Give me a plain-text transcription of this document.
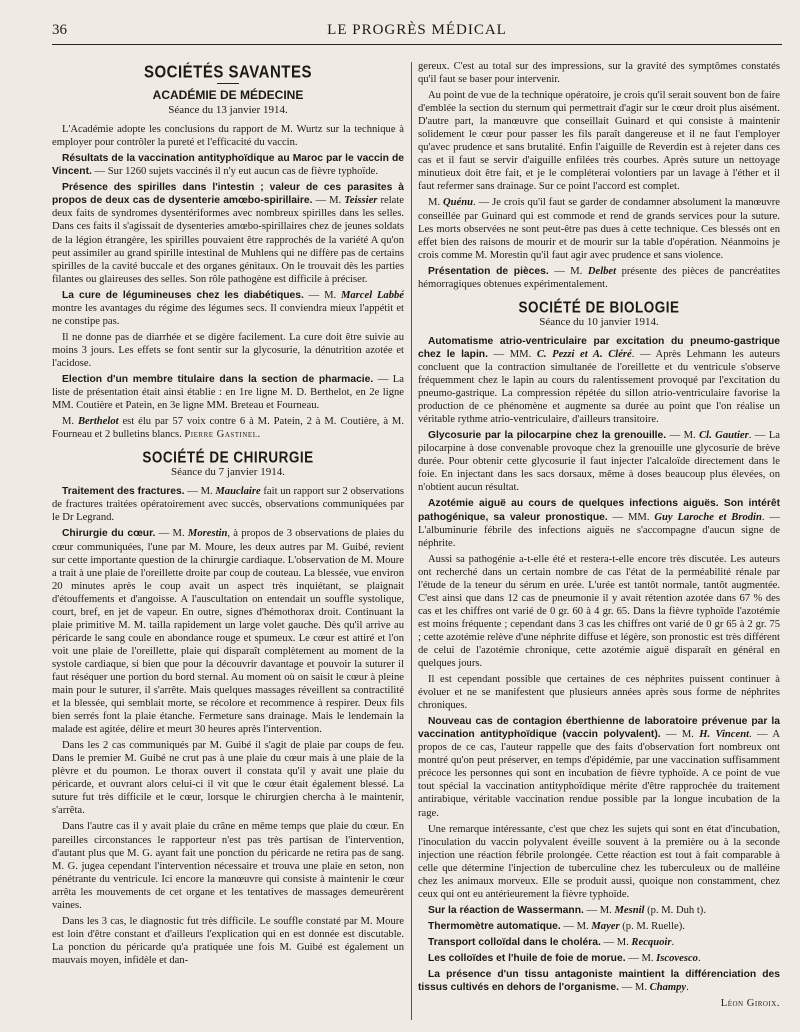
36	LE PROGRÈS MÉDICAL
SOCIÉTÉS SAVANTES
ACADÉMIE DE MÉDECINE
Séance du 13 janvier 1914.

L'Académie adopte les conclusions du rapport de M. Wurtz sur la technique à employer pour contrôler la pureté et l'efficacité du vaccin.

Résultats de la vaccination antityphoïdique au Maroc par le vaccin de Vincent. — Sur 1260 sujets vaccinés il n'y eut aucun cas de fièvre typhoïde.

Présence des spirilles dans l'intestin ; valeur de ces parasites à propos de deux cas de dysenterie amœbo-spirillaire. — M. Teissier relate deux faits de syndromes dysentériformes avec nombreux spirilles dans les selles. Dans ces faits il s'agissait de dysenteries amœbo-spirillaires chez de jeunes soldats de la légion étrangère, les spirilles pouvaient être rapprochés de la variété A qu'on peut assimiler au grand spirille intestinal de Muhlens qui ne diffère pas de certains spirilles de la cavité buccale et des organes génitaux. On le trouvait dès les parties filantes ou glaireuses des selles. Son rôle pathogène est difficile à préciser.

La cure de légumineuses chez les diabétiques. — M. Marcel Labbé montre les avantages du régime des légumes secs. Il conviendra mieux l'appétit et ne constipe pas.

Il ne donne pas de diarrhée et se digère facilement. La cure doit être suivie au moins 3 jours. Les effets se font sentir sur la glycosurie, la dénutrition azotée et l'acidose.

Election d'un membre titulaire dans la section de pharmacie. — La liste de présentation était ainsi établie : en 1re ligne M. D. Berthelot, en 2e ligne MM. Coutière et Patein, en 3e ligne MM. Breteau et Fourneau.

M. Berthelot est élu par 57 voix contre 6 à M. Patein, 2 à M. Coutière, à M. Fourneau et 2 bulletins blancs. Pierre Gastinel.

SOCIÉTÉ DE CHIRURGIE
Séance du 7 janvier 1914.

Traitement des fractures. — M. Mauclaire fait un rapport sur 2 observations de fractures traitées opératoirement avec succès, observations communiquées par le Dr Legrand.

Chirurgie du cœur. — M. Morestin, à propos de 3 observations de plaies du cœur communiquées, l'une par M. Moure, les deux autres par M. Guibé, revient sur cette importante question de la chirurgie cardiaque. L'observation de M. Moure a trait à une plaie de l'oreillette droite par coup de couteau. La blessée, vue environ 20 minutes après le coup avait un aspect très inquiétant, se plaignait d'étouffements et d'angoisse. A l'auscultation on entendait un souffle systolique, court, bref, en jet de vapeur. En outre, signes d'hémothorax droit. Continuant la plaie primitive M. M. tailla rapidement un large volet gauche. Dès qu'il arrive au péricarde le sang coule en abondance rouge et spumeux. Le cœur est attiré et l'on voit une plaie de l'oreillette, plaie qui disparaît complètement au moment de la systole cardiaque, si bien que pour la découvrir davantage et pouvoir la suturer il faut réséquer une portion du bord sternal. Au moment où on saisit le cœur à pleine main pour le suturer, il s'arrête. Mais quelques massages réveillent sa contractilité et la blessée, qui semblait morte, se récolore et recommence à respirer. Deux fils bien serrés font la plaie étanche. Fermeture sans drainage. Mais le lendemain la malade est agitée, délire et meurt 30 heures après l'intervention.

Dans les 2 cas communiqués par M. Guibé il s'agit de plaie par coups de feu. Dans le premier M. Guibé ne crut pas à une plaie du cœur mais à une plaie de la plèvre et du poumon. Le thorax ouvert il constata qu'il y avait une plaie du péricarde, et ouvrant alors celui-ci il vit que le cœur était également blessé. La suture fut très difficile et le cœur, lorsque le chirurgien chercha à le maintenir, s'arrêta.

Dans l'autre cas il y avait plaie du crâne en même temps que plaie du cœur. En pareilles circonstances le rapporteur n'est pas très partisan de l'intervention, d'autant plus que M. G. ayant fait une ponction du péricarde ne retira pas de sang. M. G. jugea cependant l'intervention nécessaire et trouva une plaie en seton, non pénétrante du ventricule. Ici encore la manœuvre qui consiste à maintenir le cœur arrêta les mouvements de cet organe et les tentatives de massages demeurèrent vaines.

Dans les 3 cas, le diagnostic fut très difficile. Le souffle constaté par M. Moure est loin d'être constant et d'ailleurs l'explication qui en est donnée est discutable. La ponction du péricarde qu'a pratiquée une fois M. Guibé est également un mauvais moyen, infidèle et dan-

gereux. C'est au total sur des impressions, sur la gravité des symptômes constatés qu'il faut se baser pour intervenir.

Au point de vue de la technique opératoire, je crois qu'il serait souvent bon de faire d'emblée la section du sternum qui permettrait d'agir sur le cœur droit plus aisément. D'autre part, la manœuvre que conseillait Guinard et qui consiste à maintenir solidement le cœur pour passer les fils paraît dangereuse et il ne faut l'employer qu'avec prudence et sans brutalité. Enfin l'aiguille de Reverdin est à rejeter dans ces cas et il faut se servir d'aiguille enfilées très courbes. Après suture un nettoyage minutieux doit être fait, et je le compléterai volontiers par un lavage à l'éther et il faut refermer sans drainage. Sur ce point l'accord est complet.

M. Quénu. — Je crois qu'il faut se garder de condamner absolument la manœuvre conseillée par Guinard qui est commode et rend de grands services pour la suture. Les morts observées ne sont peut-être pas dues à cette technique. Ces blessés ont en effet bien des raisons de mourir et de mourir sur la table d'opération. Néanmoins je crois comme M. Morestin qu'il faut agir avec prudence et sans violence.

Présentation de pièces. — M. Delbet présente des pièces de pancréatites hémorragiques obtenues expérimentalement.

SOCIÉTÉ DE BIOLOGIE
Séance du 10 janvier 1914.

Automatisme atrio-ventriculaire par excitation du pneumo-gastrique chez le lapin. — MM. C. Pezzi et A. Cléré. — Après Lehmann les auteurs concluent que la contraction simultanée de l'oreillette et du ventricule s'observe fréquemment chez le lapin au cours du ralentissement provoqué par l'excitation du pneumo-gastrique. La compression répétée du sillon atrio-ventriculaire favorise la production de ce phénomène et augmente sa durée au point que l'on réalise un véritable rythme atrio-ventriculaire, d'ailleurs transitoire.

Glycosurie par la pilocarpine chez la grenouille. — M. Cl. Gautier. — La pilocarpine à dose convenable provoque chez la grenouille une glycosurie de brève durée. Pour obtenir cette glycosurie il faut injecter l'alcaloïde directement dans le foie. En injectant dans les sacs dorsaux, même à doses beaucoup plus élevées, on n'obtient aucun résultat.

Azotémie aiguë au cours de quelques infections aiguës. Son intérêt pathogénique, sa valeur pronostique. — MM. Guy Laroche et Brodin. — L'albuminurie fébrile des infections aiguës ne s'accompagne d'aucun signe de néphrite.

Aussi sa pathogénie a-t-elle été et restera-t-elle encore très discutée. Les auteurs ont recherché dans un certain nombre de cas l'état de la perméabilité rénale par l'étude de la teneur du sérum en urée. L'urée est tantôt normale, tantôt augmentée. C'est ainsi que dans 12 cas de pneumonie il y avait rétention azotée dans 67 % des cas et les chiffres ont varié de 0 gr. 60 à 4 gr. 65. Dans la fièvre typhoïde l'azotémie est moins fréquente ; cependant dans 3 cas les chiffres ont varié de 0 gr 65 à 2 gr. 75 ; cette azotémie relève d'une néphrite diffuse et légère, son pronostic est très différent de celui de l'azotémie chronique, cette azotémie aiguë disparaît en général en quelques jours.

Il est cependant possible que certaines de ces néphrites puissent continuer à évoluer et ne se manifestent que plusieurs années après sous forme de néphrites chroniques.

Nouveau cas de contagion éberthienne de laboratoire prévenue par la vaccination antityphoïdique (vaccin polyvalent). — M. H. Vincent. — A propos de ce cas, l'auteur rappelle que des faits d'observation fort nombreux ont montré qu'on peut préserver, en temps d'épidémie, par une vaccination suffisamment précoce les personnes qui sont en incubation de fièvre typhoïde. A ce point de vue tout spécial la vaccination antityphoïdique mérite d'être rapprochée du traitement antirabique, véritable vaccination rendue possible par la longue incubation de la rage.

Une remarque intéressante, c'est que chez les sujets qui sont en état d'incubation, l'inoculation du vaccin polyvalent éveille souvent à la première ou à la seconde injection une réaction fébrile prolongée. Cette réaction est tout à fait comparable à celle que détermine l'injection de tuberculine chez les tuberculeux ou de malléine chez les animaux morveux. Elle se produit aussi, quoique non constamment, chez ceux qui ont eu antérieurement la fièvre typhoïde.

Sur la réaction de Wassermann. — M. Mesnil (p. M. Duh t).

Thermomètre automatique. — M. Mayer (p. M. Ruelle).

Transport colloïdal dans le choléra. — M. Recquoir.

Les colloïdes et l'huile de foie de morue. — M. Iscovesco.

La présence d'un tissu antagoniste maintient la différenciation des tissus cultivés en dehors de l'organisme. — M. Champy.

Léon Giroix.
